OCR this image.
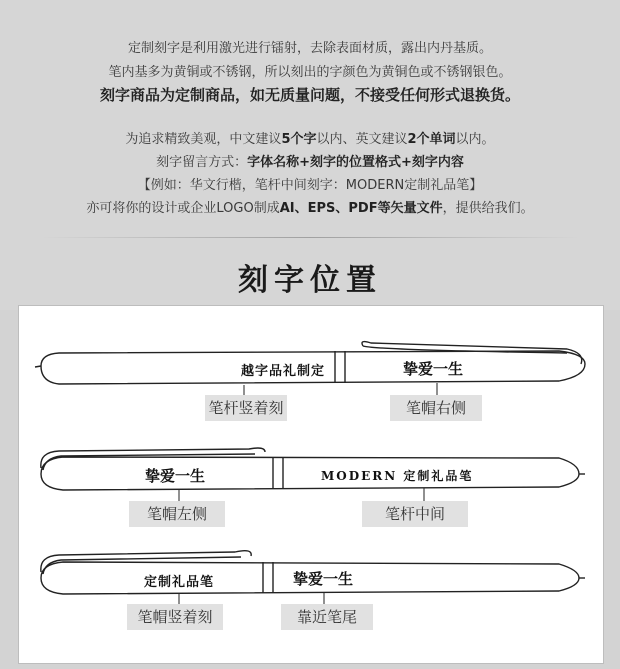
定制刻字是利用激光进行镭射，去除表面材质，露出内丹基质。
笔内基多为黄铜或不锈钢，所以刻出的字颜色为黄铜色或不锈钢银色。
刻字商品为定制商品，如无质量问题，不接受任何形式退换货。
为追求精致美观，中文建议5个字以内、英文建议2个单词以内。
刻字留言方式：字体名称+刻字的位置格式+刻字内容
【例如：华文行楷，笔杆中间刻字：MODERN定制礼品笔】
亦可将你的设计或企业LOGO制成AI、EPS、PDF等矢量文件，提供给我们。
刻字位置
越字品礼制定	挚爱一生
笔杆竖着刻	笔帽右侧
挚爱一生	MODERN 定制礼品笔
笔帽左侧	笔杆中间
定制礼品笔	挚爱一生
笔帽竖着刻	靠近笔尾
